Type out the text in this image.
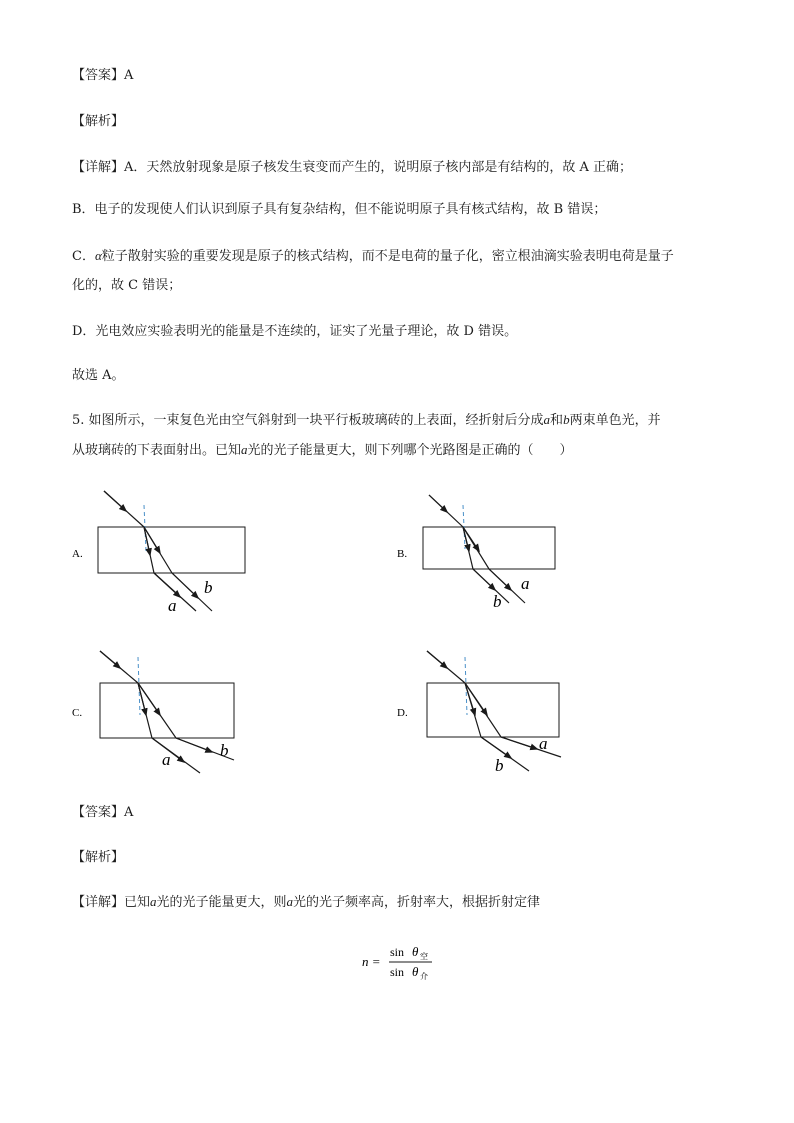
【答案】A
【解析】
【详解】A．天然放射现象是原子核发生衰变而产生的，说明原子核内部是有结构的，故 A 正确；
B．电子的发现使人们认识到原子具有复杂结构，但不能说明原子具有核式结构，故 B 错误；
C．α粒子散射实验的重要发现是原子的核式结构，而不是电荷的量子化，密立根油滴实验表明电荷是量子
化的，故 C 错误；
D．光电效应实验表明光的能量是不连续的，证实了光量子理论，故 D 错误。
故选 A。
5. 如图所示，一束复色光由空气斜射到一块平行板玻璃砖的上表面，经折射后分成a和b两束单色光，并
从玻璃砖的下表面射出。已知a光的光子能量更大，则下列哪个光路图是正确的（　　）
A.
b
a
B.
a
b
C.
b
a
D.
a
b
【答案】A
【解析】
【详解】已知a光的光子能量更大，则a光的光子频率高，折射率大，根据折射定律
n =
sin θ 空
sin θ 介
